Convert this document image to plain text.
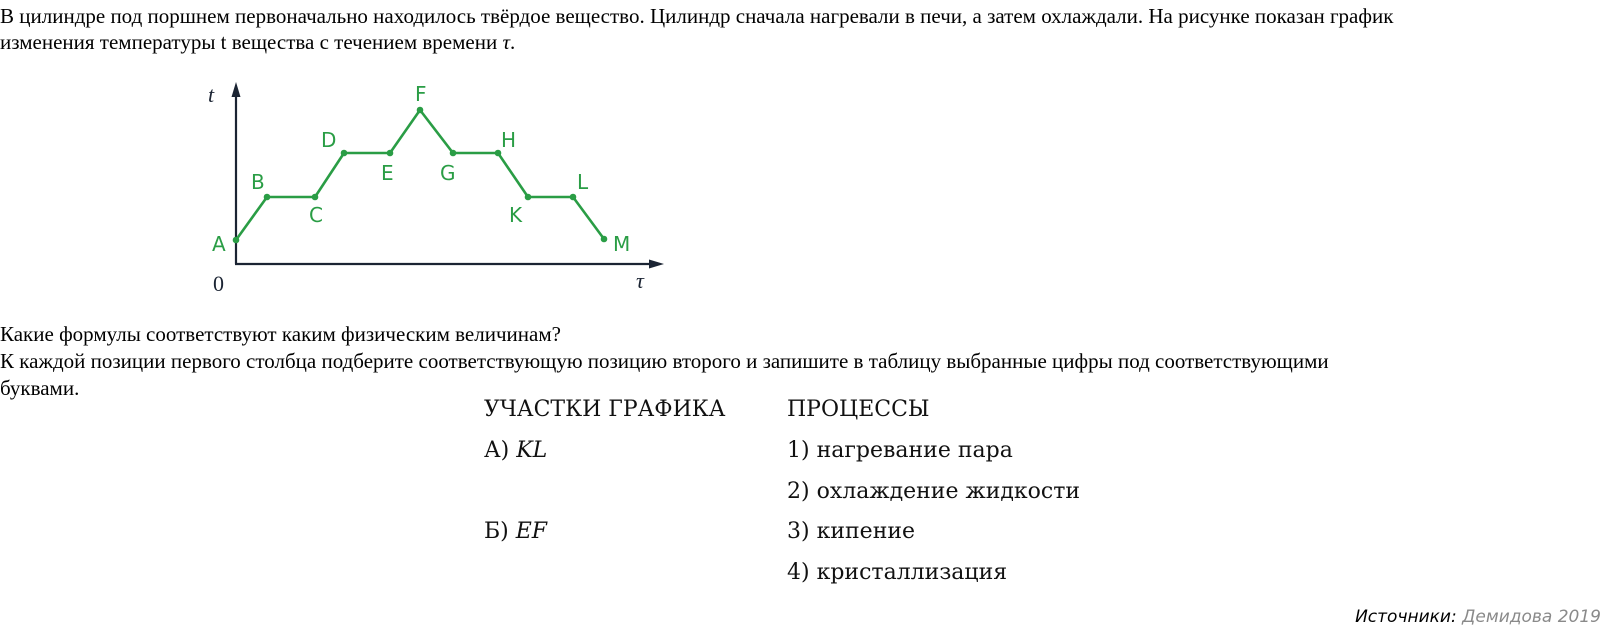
В цилиндре под поршнем первоначально находилось твёрдое вещество. Цилиндр сначала нагревали в печи, а затем охлаждали. На рисунке показан график

изменения температуры t вещества с течением времени τ.

t
τ
0
A
B
C
D
E
F
G
H
K
L
M

Какие формулы соответствуют каким физическим величинам?

К каждой позиции первого столбца подберите соответствующую позицию второго и запишите в таблицу выбранные цифры под соответствующими

буквами.

УЧАСТКИ ГРАФИКА	ПРОЦЕССЫ
А) KL
Б) EF
1) нагревание пара
2) охлаждение жидкости
3) кипение
4) кристаллизация
Источники: Демидова 2019
